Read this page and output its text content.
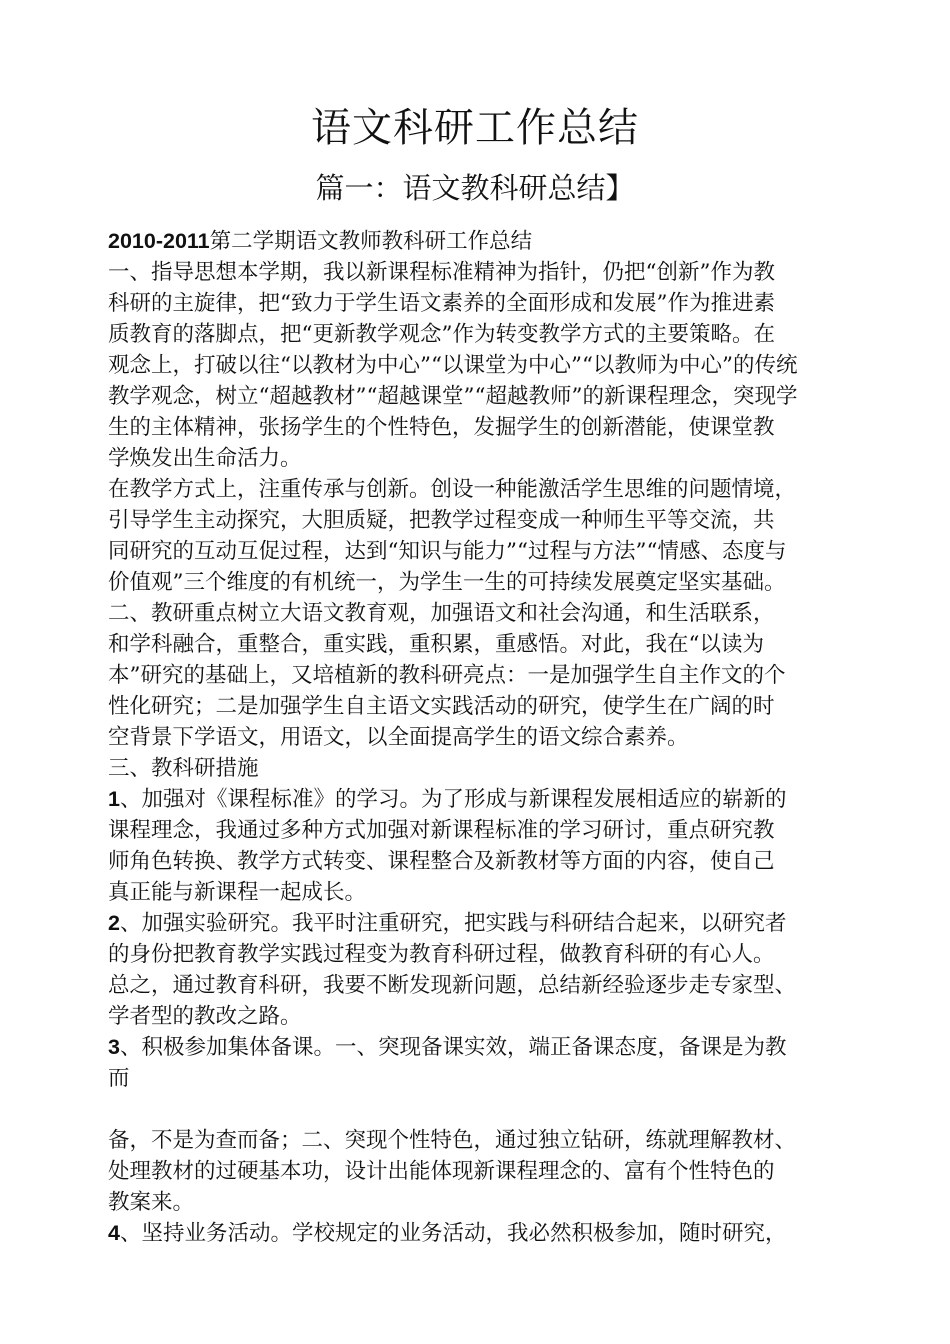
语文科研工作总结
篇一：语文教科研总结】
2010-2011第二学期语文教师教科研工作总结
一、指导思想本学期，我以新课程标准精神为指针，仍把“创新”作为教
科研的主旋律，把“致力于学生语文素养的全面形成和发展”作为推进素
质教育的落脚点，把“更新教学观念”作为转变教学方式的主要策略。在
观念上，打破以往“以教材为中心”“以课堂为中心”“以教师为中心”的传统
教学观念，树立“超越教材”“超越课堂”“超越教师”的新课程理念，突现学
生的主体精神，张扬学生的个性特色，发掘学生的创新潜能，使课堂教
学焕发出生命活力。
在教学方式上，注重传承与创新。创设一种能激活学生思维的问题情境，
引导学生主动探究，大胆质疑，把教学过程变成一种师生平等交流，共
同研究的互动互促过程，达到“知识与能力”“过程与方法”“情感、态度与
价值观”三个维度的有机统一，为学生一生的可持续发展奠定坚实基础。
二、教研重点树立大语文教育观，加强语文和社会沟通，和生活联系，
和学科融合，重整合，重实践，重积累，重感悟。对此，我在“以读为
本”研究的基础上，又培植新的教科研亮点：一是加强学生自主作文的个
性化研究；二是加强学生自主语文实践活动的研究，使学生在广阔的时
空背景下学语文，用语文，以全面提高学生的语文综合素养。
三、教科研措施
1、加强对《课程标准》的学习。为了形成与新课程发展相适应的崭新的
课程理念，我通过多种方式加强对新课程标准的学习研讨，重点研究教
师角色转换、教学方式转变、课程整合及新教材等方面的内容，使自己
真正能与新课程一起成长。
2、加强实验研究。我平时注重研究，把实践与科研结合起来，以研究者
的身份把教育教学实践过程变为教育科研过程，做教育科研的有心人。
总之，通过教育科研，我要不断发现新问题，总结新经验逐步走专家型、
学者型的教改之路。
3、积极参加集体备课。一、突现备课实效，端正备课态度，备课是为教
而
备，不是为查而备；二、突现个性特色，通过独立钻研，练就理解教材、
处理教材的过硬基本功，设计出能体现新课程理念的、富有个性特色的
教案来。
4、坚持业务活动。学校规定的业务活动，我必然积极参加，随时研究，
